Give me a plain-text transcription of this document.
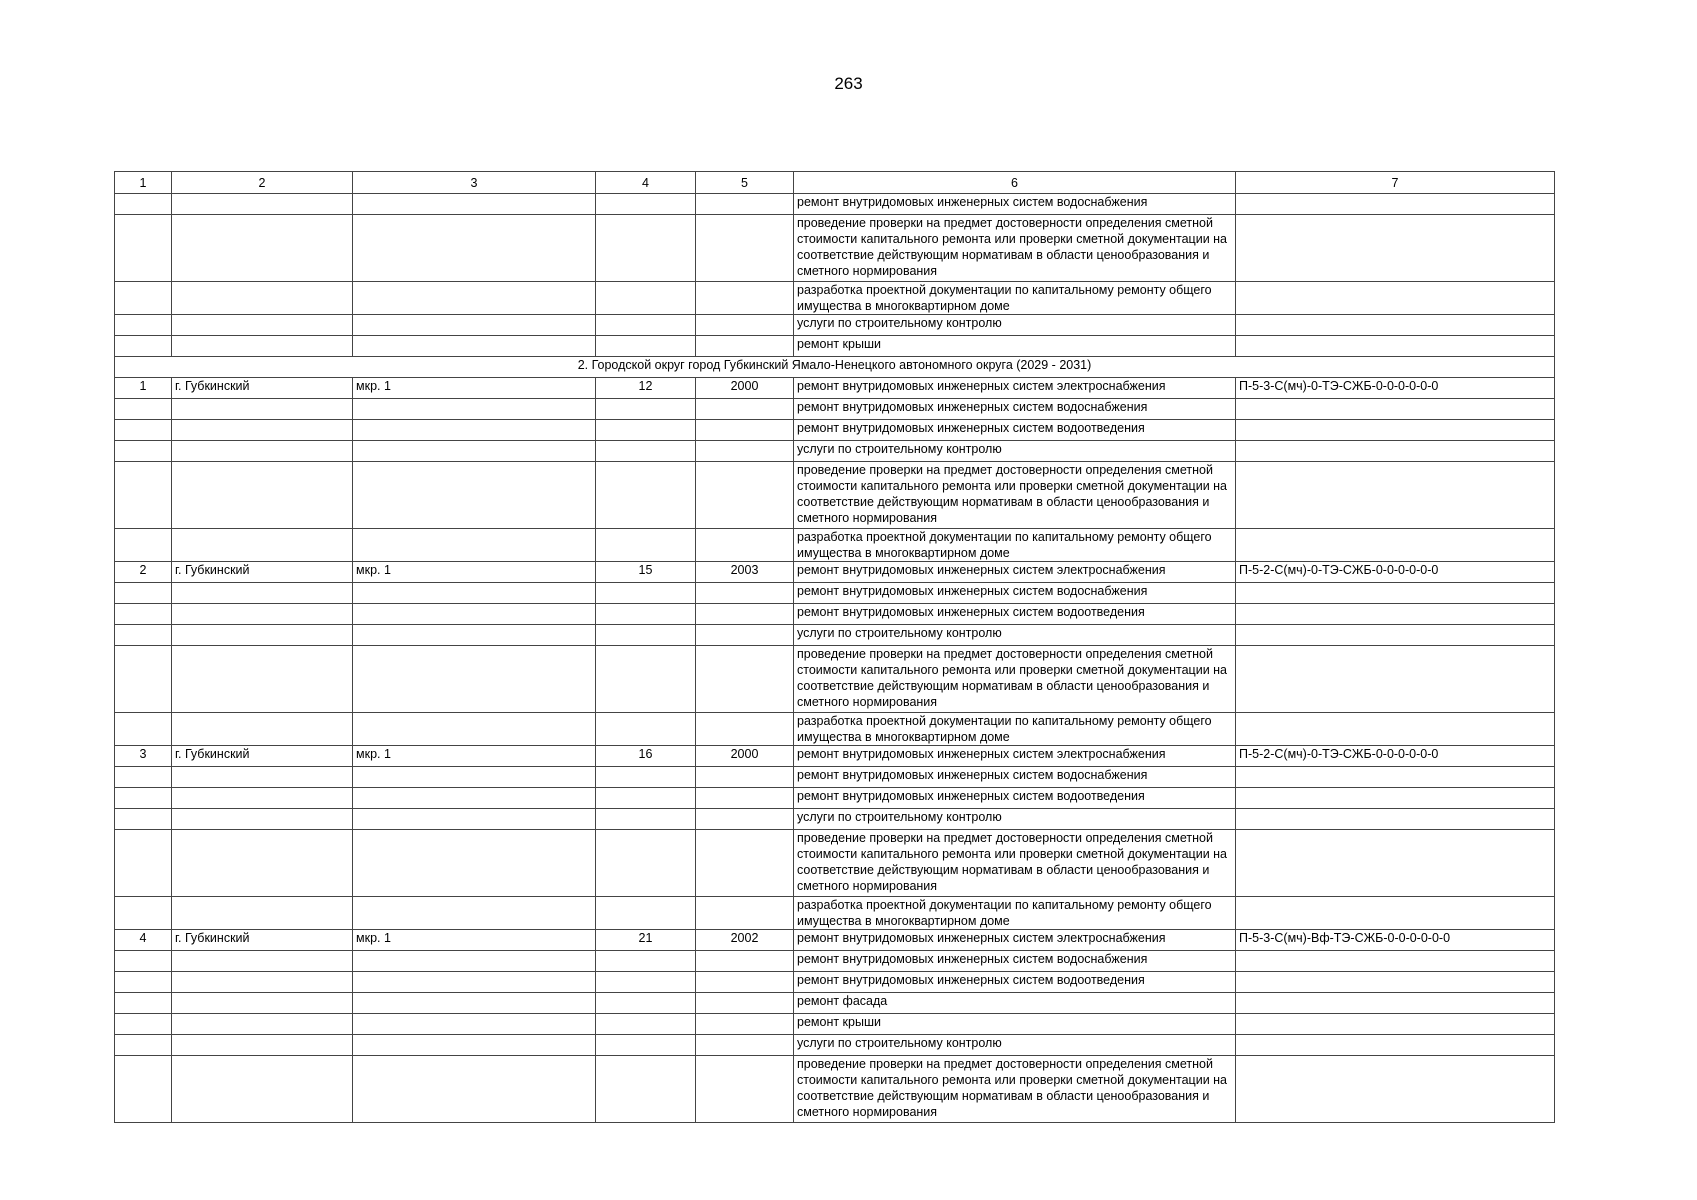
263
1	2	3	4	5	6	7
					ремонт внутридомовых инженерных систем водоснабжения	
					проведение проверки на предмет достоверности определения сметной стоимости капитального ремонта или проверки сметной документации на соответствие действующим нормативам в области ценообразования и сметного нормирования	
					разработка проектной документации по капитальному ремонту общего имущества в многоквартирном доме	
					услуги по строительному контролю	
					ремонт крыши	
2. Городской округ город Губкинский Ямало-Ненецкого автономного округа (2029 - 2031)						
1	г. Губкинский	мкр. 1	12	2000	ремонт внутридомовых инженерных систем электроснабжения	П-5-3-С(мч)-0-ТЭ-СЖБ-0-0-0-0-0-0
					ремонт внутридомовых инженерных систем водоснабжения	
					ремонт внутридомовых инженерных систем водоотведения	
					услуги по строительному контролю	
					проведение проверки на предмет достоверности определения сметной стоимости капитального ремонта или проверки сметной документации на соответствие действующим нормативам в области ценообразования и сметного нормирования	
					разработка проектной документации по капитальному ремонту общего имущества в многоквартирном доме	
2	г. Губкинский	мкр. 1	15	2003	ремонт внутридомовых инженерных систем электроснабжения	П-5-2-С(мч)-0-ТЭ-СЖБ-0-0-0-0-0-0
					ремонт внутридомовых инженерных систем водоснабжения	
					ремонт внутридомовых инженерных систем водоотведения	
					услуги по строительному контролю	
					проведение проверки на предмет достоверности определения сметной стоимости капитального ремонта или проверки сметной документации на соответствие действующим нормативам в области ценообразования и сметного нормирования	
					разработка проектной документации по капитальному ремонту общего имущества в многоквартирном доме	
3	г. Губкинский	мкр. 1	16	2000	ремонт внутридомовых инженерных систем электроснабжения	П-5-2-С(мч)-0-ТЭ-СЖБ-0-0-0-0-0-0
					ремонт внутридомовых инженерных систем водоснабжения	
					ремонт внутридомовых инженерных систем водоотведения	
					услуги по строительному контролю	
					проведение проверки на предмет достоверности определения сметной стоимости капитального ремонта или проверки сметной документации на соответствие действующим нормативам в области ценообразования и сметного нормирования	
					разработка проектной документации по капитальному ремонту общего имущества в многоквартирном доме	
4	г. Губкинский	мкр. 1	21	2002	ремонт внутридомовых инженерных систем электроснабжения	П-5-3-С(мч)-Вф-ТЭ-СЖБ-0-0-0-0-0-0
					ремонт внутридомовых инженерных систем водоснабжения	
					ремонт внутридомовых инженерных систем водоотведения	
					ремонт фасада	
					ремонт крыши	
					услуги по строительному контролю	
					проведение проверки на предмет достоверности определения сметной стоимости капитального ремонта или проверки сметной документации на соответствие действующим нормативам в области ценообразования и сметного нормирования	
